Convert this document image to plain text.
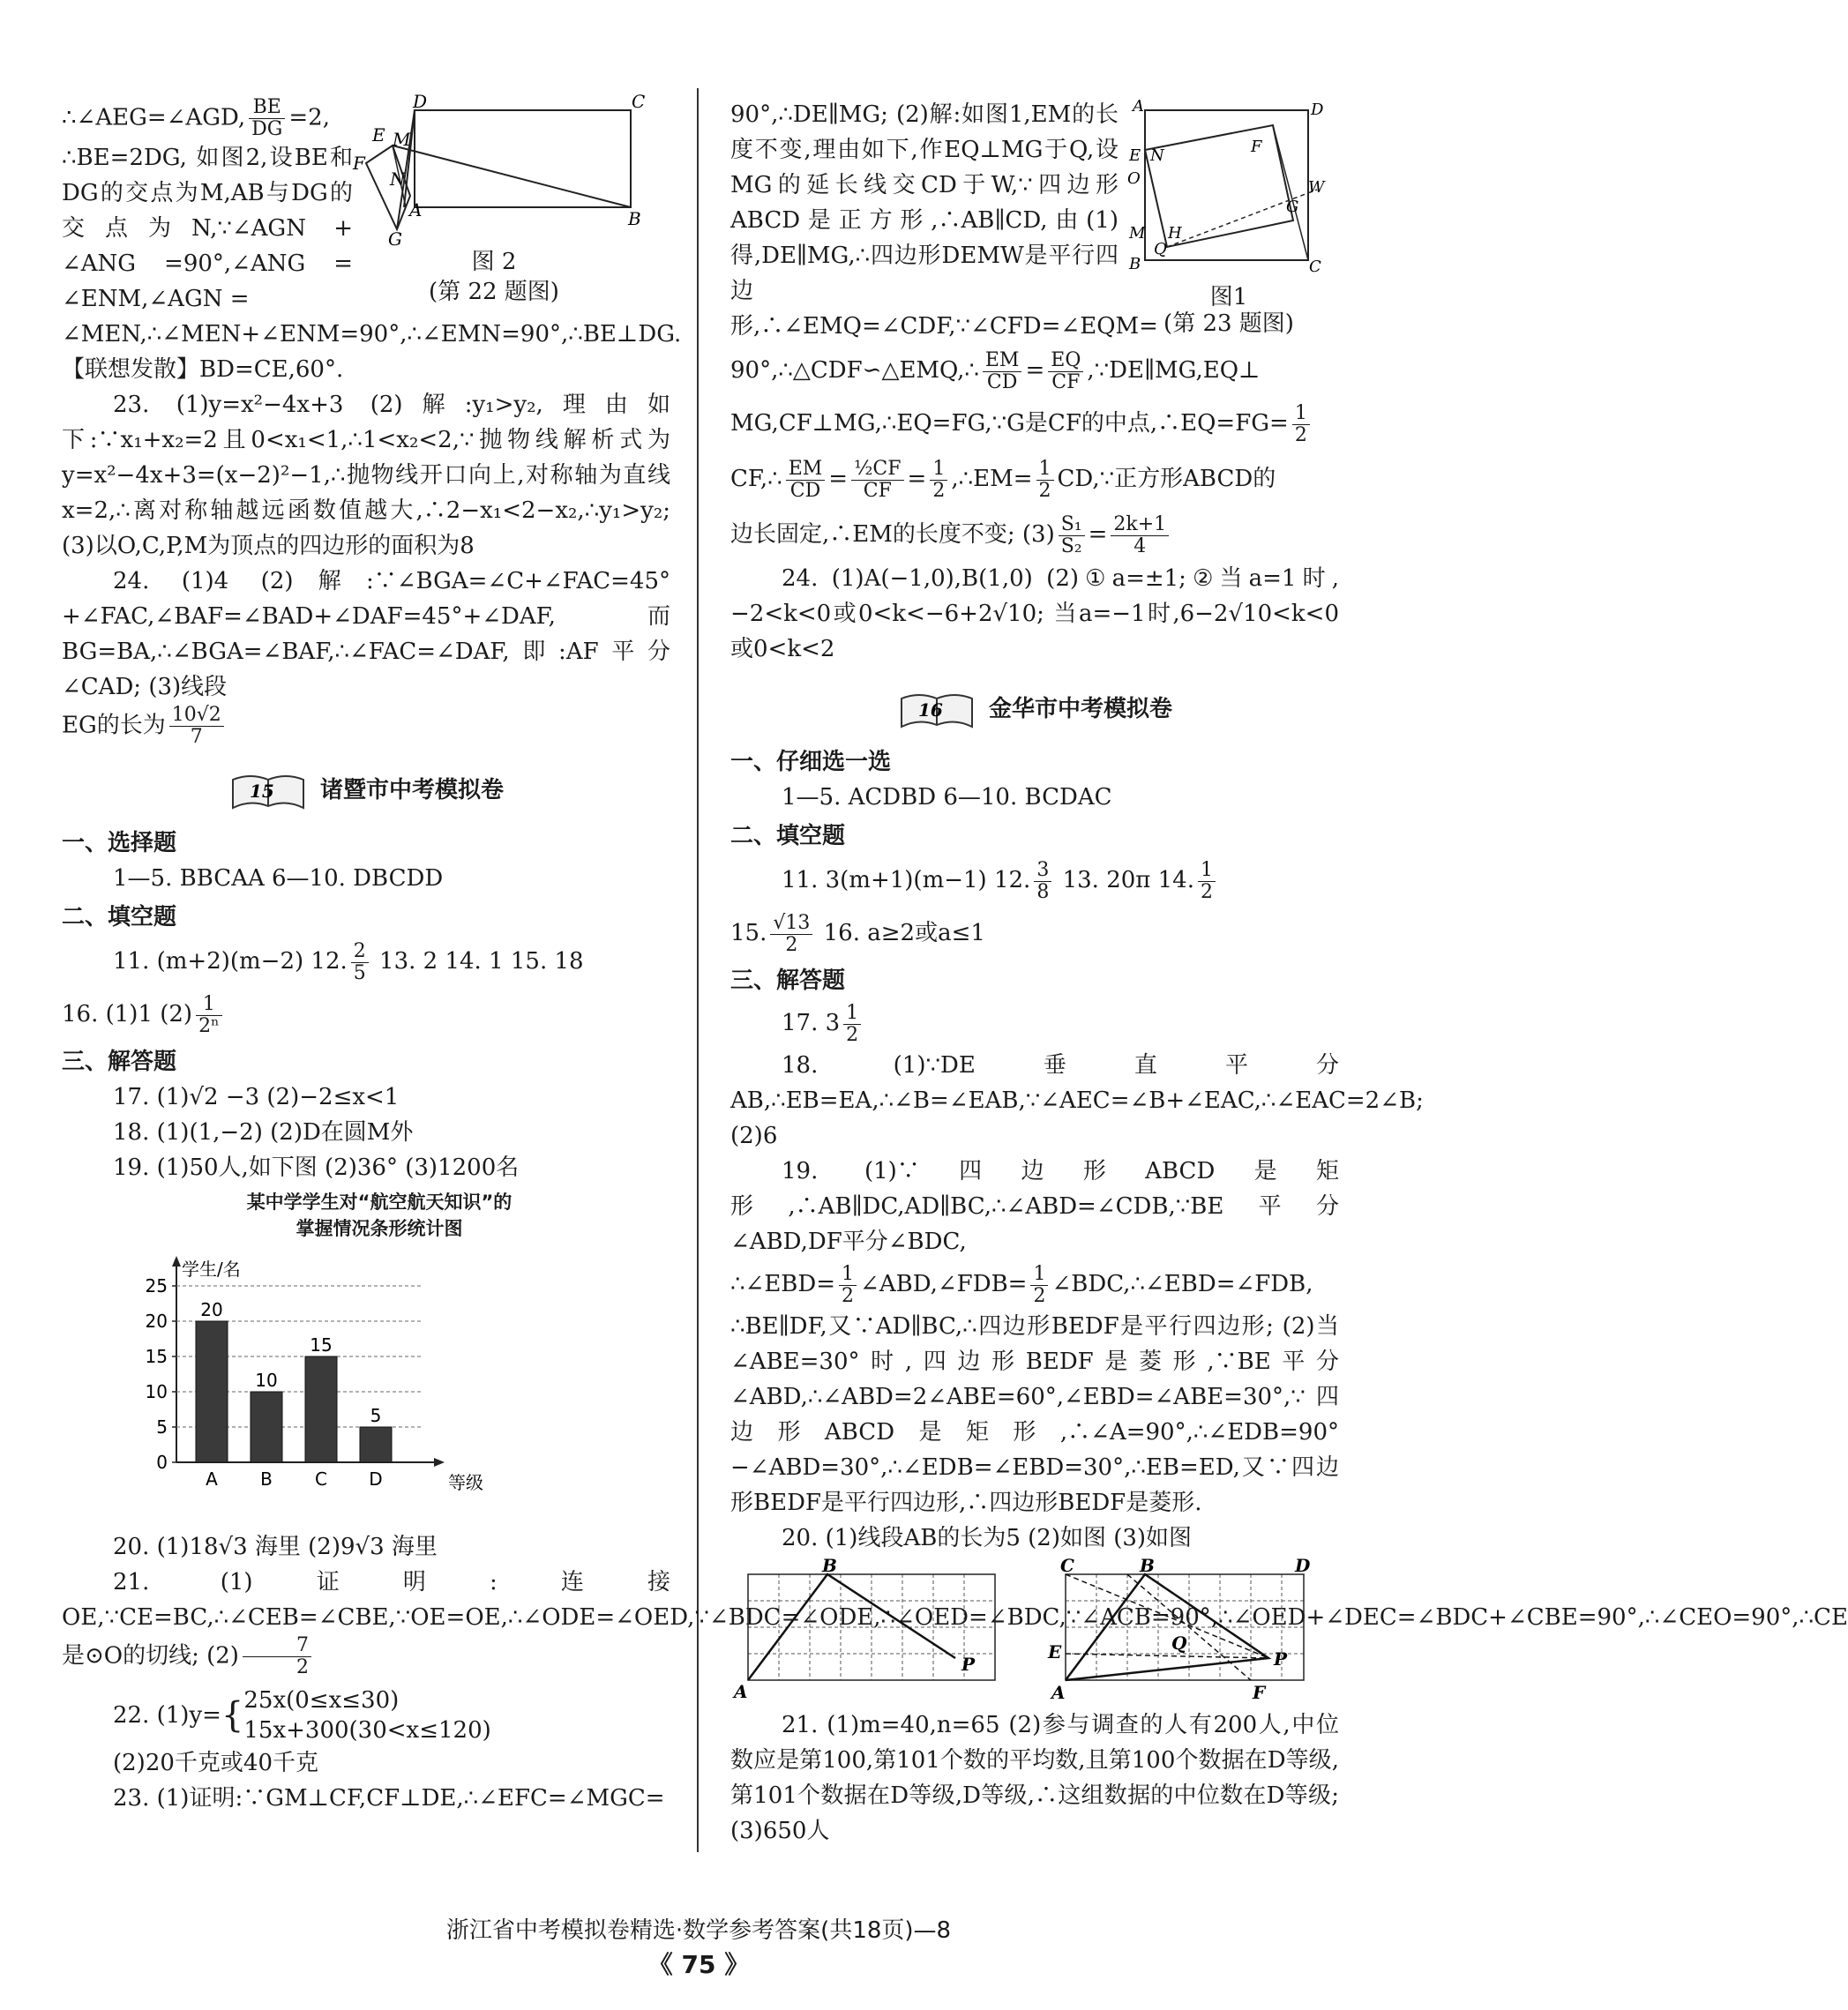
∴∠AEG=∠AGD, $\frac{BE}{DG} =2$,

∴BE=2DG, 如图2,设BE和DG的交点为M,AB与DG的交点为N,∵∠AGN + ∠ANG =90°,∠ANG = ∠ENM,∠AGN =

D	C
E M
F
N
A	B
G
图 2
(第 22 题图)

∠MEN,∴∠MEN+∠ENM=90°,∴∠EMN=90°,∴BE⊥DG.

【联想发散】BD=CE,60°.

23. (1)y=x²−4x+3 (2)解:y₁>y₂,理由如下:∵x₁+x₂=2且0<x₁<1,∴1<x₂<2,∵抛物线解析式为y=x²−4x+3=(x−2)²−1,∴抛物线开口向上,对称轴为直线x=2,∴离对称轴越远函数值越大,∴2−x₁<2−x₂,∴y₁>y₂; (3)以O,C,P,M为顶点的四边形的面积为8

24. (1)4 (2)解:∵∠BGA=∠C+∠FAC=45°+∠FAC,∠BAF=∠BAD+∠DAF=45°+∠DAF,而BG=BA,∴∠BGA=∠BAF,∴∠FAC=∠DAF,即:AF平分∠CAD; (3)线段

EG的长为 $\frac{10√2}{7}$

15 诸暨市中考模拟卷

一、选择题

1—5. BBCAA 6—10. DBCDD

二、填空题

11. (m+2)(m−2) 12. $\frac{2}{5} 13$. 2 14. 1 15. 18

16. (1)1 $(2) \frac{1}{\text{2ⁿ}}$

三、解答题

17. (1)√2 −3 (2)−2≤x<1

18. (1)(1,−2) (2)D在圆M外

19. (1)50人,如下图 (2)36° (3)1200名

某中学学生对“航空航天知识”的
掌握情况条形统计图
0
5
10
15
20
25
学生/名
等级
20
A
10
B
15
C
5
D

20. (1)18√3 海里 (2)9√3 海里

21. (1)证明:连接OE,∵CE=BC,∴∠CEB=∠CBE,∵OE=OE,∴∠ODE=∠OED,∵∠BDC=∠ODE,∴∠OED=∠BDC,∵∠ACB=90°,∴∠OED+∠DEC=∠BDC+∠CBE=90°,∴∠CEO=90°,∴CE是⊙O的切线; $(2) \frac{7}{2}$

22. (1)y= { 25x(0≤x≤30)
15x+300(30<x≤120)

(2)20千克或40千克

23. (1)证明:∵GM⊥CF,CF⊥DE,∴∠EFC=∠MGC=

90°,∴DE∥MG; (2)解:如图1,EM的长度不变,理由如下,作EQ⊥MG于Q,设MG的延长线交CD于W,∵四边形ABCD是正方形,∴AB∥CD,由(1)得,DE∥MG,∴四边形DEMW是平行四边形,∴∠EMQ=∠CDF,∵∠CFD=∠EQM=

A	D
E N	F
O	W
G
M H
Q
B	C
图1
(第 23 题图)

90°,∴△CDF∽△EMQ,∴ $\frac{EM}{CD} = \frac{EQ}{CF}$ ,∵DE∥MG,EQ⊥

MG,CF⊥MG,∴EQ=FG,∵G是CF的中点,∴EQ=FG= $\frac{1}{2}$

CF,∴ $\frac{EM}{CD} = \frac{\text{½CF}}{CF} = \frac{1}{2}$ ,∴EM= $\frac{1}{2}$ CD,∵正方形ABCD的

边长固定,∴EM的长度不变; $(3) \frac{\text{S₁}}{\text{S₂}} = \frac{2k+1}{4}$

24. (1)A(−1,0),B(1,0) (2)①a=±1;②当a=1时,−2<k<0或0<k<−6+2√10; 当a=−1时,6−2√10<k<0或0<k<2

16 金华市中考模拟卷

一、仔细选一选

1—5. ACDBD 6—10. BCDAC

二、填空题

11. 3(m+1)(m−1) 12. $\frac{3}{8} 13$. 20π 14. $\frac{1}{2}$

15. $\frac{√13}{2} 16$. a≥2或a≤1

三、解答题

17. $3 \frac{1}{2}$

18. (1)∵DE垂直平分AB,∴EB=EA,∴∠B=∠EAB,∵∠AEC=∠B+∠EAC,∴∠EAC=2∠B; (2)6

19. (1)∵四边形ABCD是矩形,∴AB∥DC,AD∥BC,∴∠ABD=∠CDB,∵BE平分∠ABD,DF平分∠BDC,

∴∠EBD= $\frac{1}{2}$ ∠ABD,∠FDB= $\frac{1}{2}$ ∠BDC,∴∠EBD=∠FDB,

∴BE∥DF,又∵AD∥BC,∴四边形BEDF是平行四边形; (2)当∠ABE=30°时,四边形BEDF是菱形,∵BE平分∠ABD,∴∠ABD=2∠ABE=60°,∠EBD=∠ABE=30°,∵四边形ABCD是矩形,∴∠A=90°,∴∠EDB=90°−∠ABD=30°,∴∠EDB=∠EBD=30°,∴EB=ED,又∵四边形BEDF是平行四边形,∴四边形BEDF是菱形.

20. (1)线段AB的长为5 (2)如图 (3)如图

B
A
P
C	B	D
E	Q
P
A	F

21. (1)m=40,n=65 (2)参与调查的人有200人,中位数应是第100,第101个数的平均数,且第100个数据在D等级,第101个数据在D等级,D等级,∴这组数据的中位数在D等级; (3)650人

浙江省中考模拟卷精选·数学参考答案(共18页)—8
《 75 》
